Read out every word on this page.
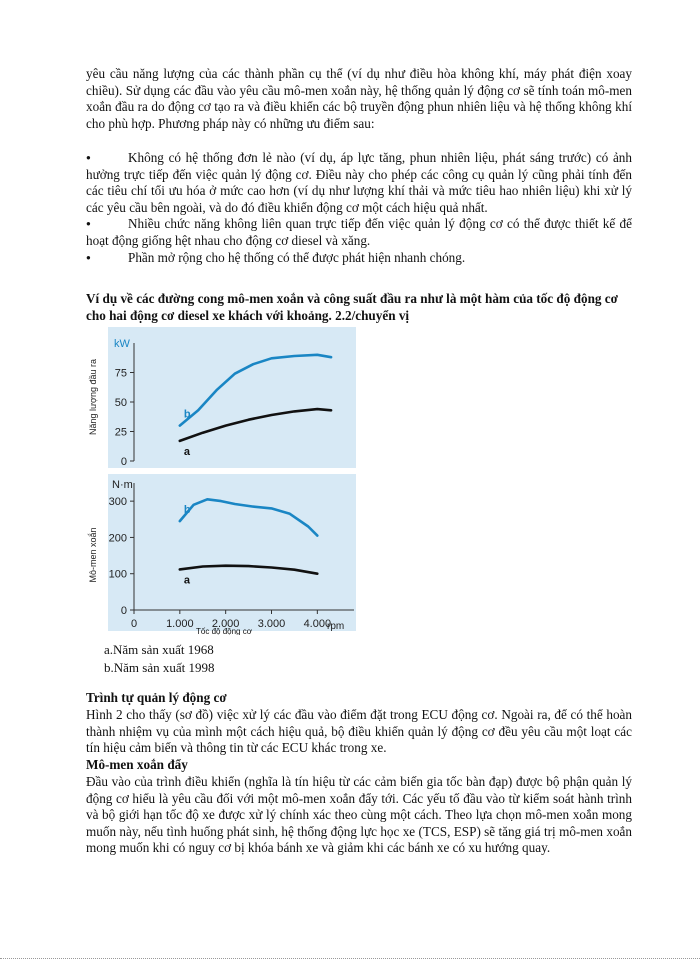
yêu cầu năng lượng của các thành phần cụ thể (ví dụ như điều hòa không khí, máy phát điện xoay chiều). Sử dụng các đầu vào yêu cầu mô-men xoắn này, hệ thống quản lý động cơ sẽ tính toán mô-men xoắn đầu ra do động cơ tạo ra và điều khiển các bộ truyền động phun nhiên liệu và hệ thống không khí cho phù hợp. Phương pháp này có những ưu điểm sau:
● Không có hệ thống đơn lẻ nào (ví dụ, áp lực tăng, phun nhiên liệu, phát sáng trước) có ảnh hưởng trực tiếp đến việc quản lý động cơ. Điều này cho phép các công cụ quản lý cũng phải tính đến các tiêu chí tối ưu hóa ở mức cao hơn (ví dụ như lượng khí thải và mức tiêu hao nhiên liệu) khi xử lý các yêu cầu bên ngoài, và do đó điều khiển động cơ một cách hiệu quả nhất.
● Nhiều chức năng không liên quan trực tiếp đến việc quản lý động cơ có thể được thiết kế để hoạt động giống hệt nhau cho động cơ diesel và xăng.
● Phần mở rộng cho hệ thống có thể được phát hiện nhanh chóng.
Ví dụ về các đường cong mô-men xoắn và công suất đầu ra như là một hàm của tốc độ động cơ cho hai động cơ diesel xe khách với khoảng. 2.2/chuyển vị
0
25
50
75
a
b
0
100
200
300
0	1.000 2.000 3.000 4.000
a
b
Năng lượng đầu ra
Mô-men xoắn
kW
N·m
rpm
Tốc độ động cơ
a.Năm sản xuất 1968
b.Năm sản xuất 1998
Trình tự quản lý động cơ
Hình 2 cho thấy (sơ đồ) việc xử lý các đầu vào điểm đặt trong ECU động cơ. Ngoài ra, để có thể hoàn thành nhiệm vụ của mình một cách hiệu quả, bộ điều khiển quản lý động cơ đều yêu cầu một loạt các tín hiệu cảm biến và thông tin từ các ECU khác trong xe.
Mô-men xoắn đẩy
Đầu vào của trình điều khiển (nghĩa là tín hiệu từ các cảm biến gia tốc bàn đạp) được bộ phận quản lý động cơ hiểu là yêu cầu đối với một mô-men xoắn đẩy tới. Các yếu tố đầu vào từ kiểm soát hành trình và bộ giới hạn tốc độ xe được xử lý chính xác theo cùng một cách. Theo lựa chọn mô-men xoắn mong muốn này, nếu tình huống phát sinh, hệ thống động lực học xe (TCS, ESP) sẽ tăng giá trị mô-men xoắn mong muốn khi có nguy cơ bị khóa bánh xe và giảm khi các bánh xe có xu hướng quay.
